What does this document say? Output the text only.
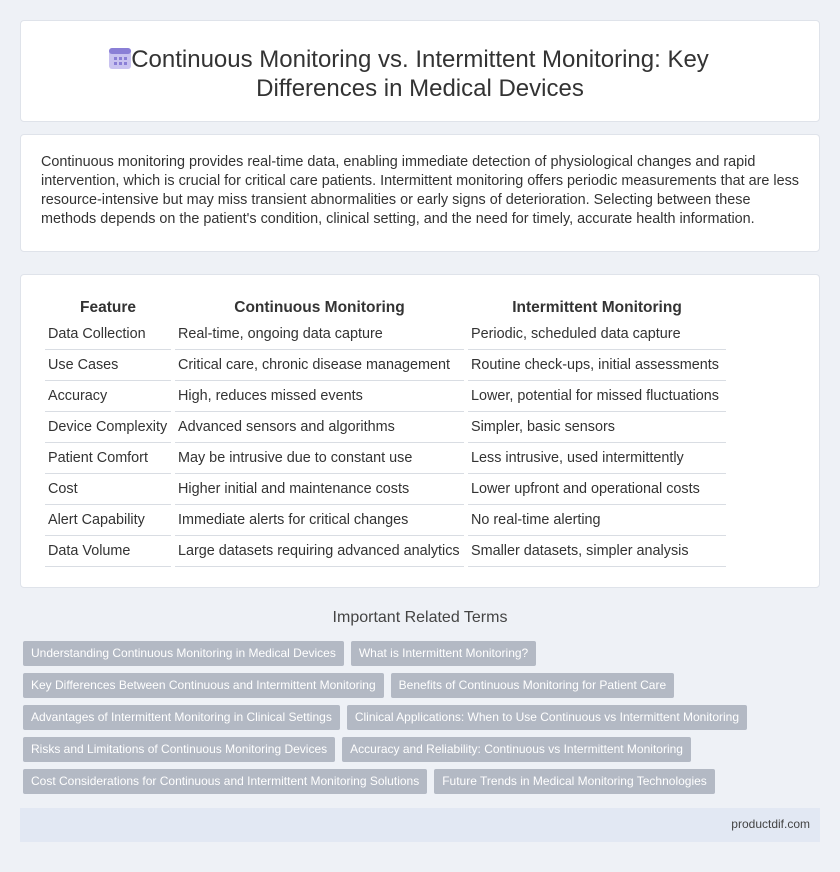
Continuous Monitoring vs. Intermittent Monitoring: Key Differences in Medical Devices

Continuous monitoring provides real-time data, enabling immediate detection of physiological changes and rapid intervention, which is crucial for critical care patients. Intermittent monitoring offers periodic measurements that are less resource-intensive but may miss transient abnormalities or early signs of deterioration. Selecting between these methods depends on the patient's condition, clinical setting, and the need for timely, accurate health information.

Feature	Continuous Monitoring	Intermittent Monitoring
Data Collection	Real-time, ongoing data capture	Periodic, scheduled data capture
Use Cases	Critical care, chronic disease management	Routine check-ups, initial assessments
Accuracy	High, reduces missed events	Lower, potential for missed fluctuations
Device Complexity	Advanced sensors and algorithms	Simpler, basic sensors
Patient Comfort	May be intrusive due to constant use	Less intrusive, used intermittently
Cost	Higher initial and maintenance costs	Lower upfront and operational costs
Alert Capability	Immediate alerts for critical changes	No real-time alerting
Data Volume	Large datasets requiring advanced analytics	Smaller datasets, simpler analysis
Important Related Terms
Understanding Continuous Monitoring in Medical Devices	What is Intermittent Monitoring?
Key Differences Between Continuous and Intermittent Monitoring	Benefits of Continuous Monitoring for Patient Care
Advantages of Intermittent Monitoring in Clinical Settings	Clinical Applications: When to Use Continuous vs Intermittent Monitoring
Risks and Limitations of Continuous Monitoring Devices	Accuracy and Reliability: Continuous vs Intermittent Monitoring
Cost Considerations for Continuous and Intermittent Monitoring Solutions	Future Trends in Medical Monitoring Technologies
productdif.com
